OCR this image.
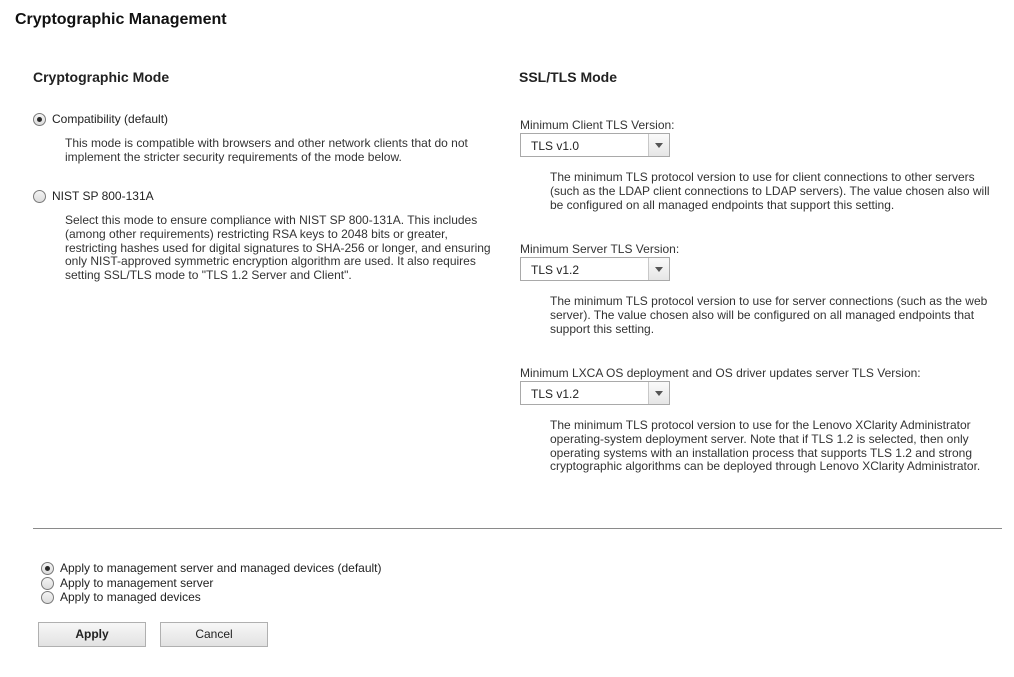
Cryptographic Management
Cryptographic Mode
Compatibility (default)
This mode is compatible with browsers and other network clients that do not
implement the stricter security requirements of the mode below.
NIST SP 800-131A
Select this mode to ensure compliance with NIST SP 800-131A. This includes
(among other requirements) restricting RSA keys to 2048 bits or greater,
restricting hashes used for digital signatures to SHA-256 or longer, and ensuring
only NIST-approved symmetric encryption algorithm are used. It also requires
setting SSL/TLS mode to "TLS 1.2 Server and Client".
SSL/TLS Mode
Minimum Client TLS Version:
TLS v1.0
The minimum TLS protocol version to use for client connections to other servers
(such as the LDAP client connections to LDAP servers). The value chosen also will
be configured on all managed endpoints that support this setting.
Minimum Server TLS Version:
TLS v1.2
The minimum TLS protocol version to use for server connections (such as the web
server). The value chosen also will be configured on all managed endpoints that
support this setting.
Minimum LXCA OS deployment and OS driver updates server TLS Version:
TLS v1.2
The minimum TLS protocol version to use for the Lenovo XClarity Administrator
operating-system deployment server. Note that if TLS 1.2 is selected, then only
operating systems with an installation process that supports TLS 1.2 and strong
cryptographic algorithms can be deployed through Lenovo XClarity Administrator.
Apply to management server and managed devices (default)
Apply to management server
Apply to managed devices
Apply	Cancel
